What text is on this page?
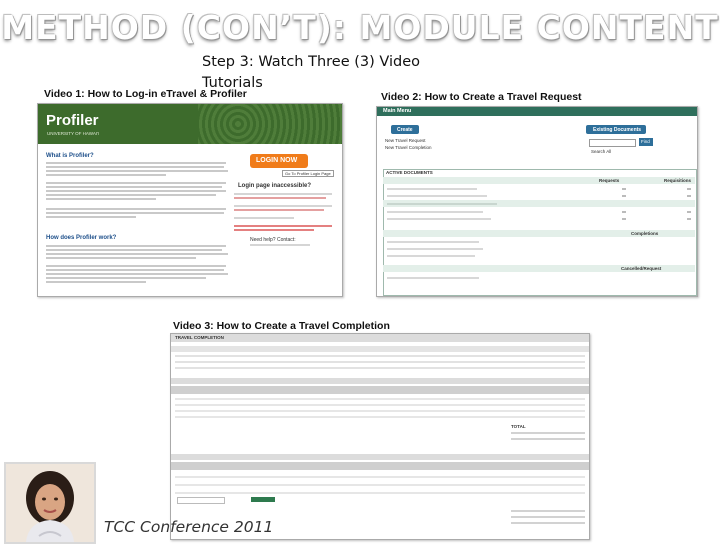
METHOD (CON’T): MODULE CONTENT
Step 3: Watch Three (3) Video Tutorials
Video 1: How to Log-in eTravel & Profiler	Video 2: How to Create a Travel Request
Video 3: How to Create a Travel Completion
Profiler
UNIVERSITY OF HAWAI‘I
What is Profiler?
How does Profiler work?
LOGIN NOW
Go To Profiler Login Page
Login page inaccessible?
Need help? Contact:
Main Menu
Create	Existing Documents
Find
Search All
New Travel Request
New Travel Completion
ACTIVE DOCUMENTS
Requests	Requisitions
Completions
Cancelled/Request
TRAVEL COMPLETION
TOTAL
TCC Conference 2011
